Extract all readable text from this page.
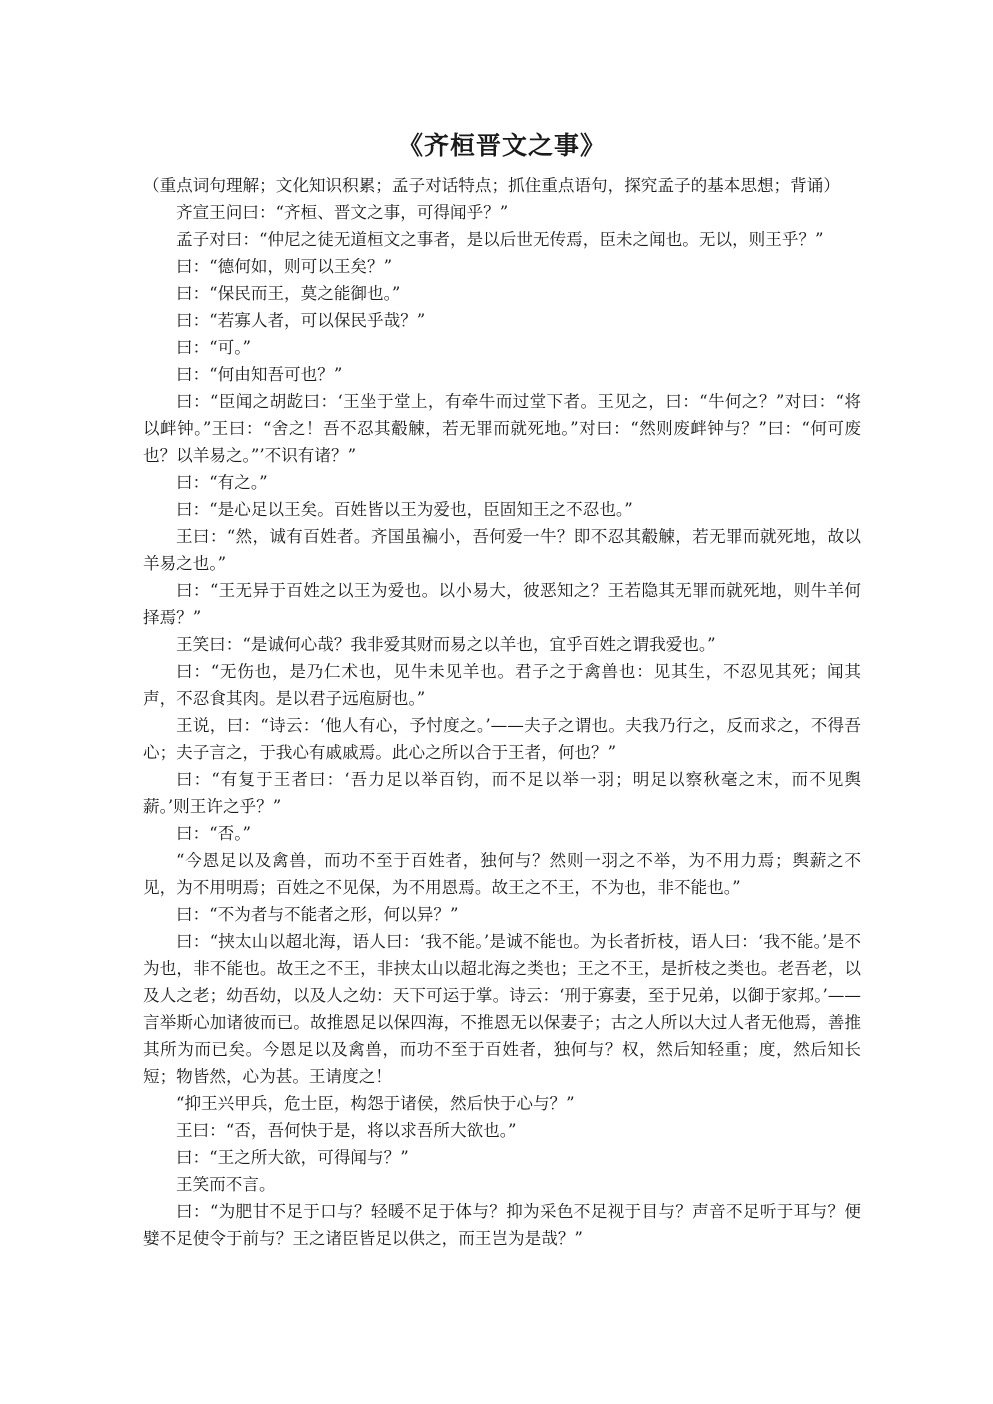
《齐桓晋文之事》

（重点词句理解；文化知识积累；孟子对话特点；抓住重点语句，探究孟子的基本思想；背诵）

齐宣王问曰：“齐桓、晋文之事，可得闻乎？”

孟子对曰：“仲尼之徒无道桓文之事者，是以后世无传焉，臣未之闻也。无以，则王乎？”

曰：“德何如，则可以王矣？”

曰：“保民而王，莫之能御也。”

曰：“若寡人者，可以保民乎哉？”

曰：“可。”

曰：“何由知吾可也？”

曰：“臣闻之胡龁曰：‘王坐于堂上，有牵牛而过堂下者。王见之，曰：“牛何之？”对曰：“将以衅钟。”王曰：“舍之！吾不忍其觳觫，若无罪而就死地。”对曰：“然则废衅钟与？”曰：“何可废也？以羊易之。”’不识有诸？”

曰：“有之。”

曰：“是心足以王矣。百姓皆以王为爱也，臣固知王之不忍也。”

王曰：“然，诚有百姓者。齐国虽褊小，吾何爱一牛？即不忍其觳觫，若无罪而就死地，故以羊易之也。”

曰：“王无异于百姓之以王为爱也。以小易大，彼恶知之？王若隐其无罪而就死地，则牛羊何择焉？”

王笑曰：“是诚何心哉？我非爱其财而易之以羊也，宜乎百姓之谓我爱也。”

曰：“无伤也，是乃仁术也，见牛未见羊也。君子之于禽兽也：见其生，不忍见其死；闻其声，不忍食其肉。是以君子远庖厨也。”

王说，曰：“诗云：‘他人有心，予忖度之。’——夫子之谓也。夫我乃行之，反而求之，不得吾心；夫子言之，于我心有戚戚焉。此心之所以合于王者，何也？”

曰：“有复于王者曰：‘吾力足以举百钧，而不足以举一羽；明足以察秋毫之末，而不见舆薪。’则王许之乎？”

曰：“否。”

“今恩足以及禽兽，而功不至于百姓者，独何与？然则一羽之不举，为不用力焉；舆薪之不见，为不用明焉；百姓之不见保，为不用恩焉。故王之不王，不为也，非不能也。”

曰：“不为者与不能者之形，何以异？”

曰：“挟太山以超北海，语人曰：‘我不能。’是诚不能也。为长者折枝，语人曰：‘我不能。’是不为也，非不能也。故王之不王，非挟太山以超北海之类也；王之不王，是折枝之类也。老吾老，以及人之老；幼吾幼，以及人之幼：天下可运于掌。诗云：‘刑于寡妻，至于兄弟，以御于家邦。’——言举斯心加诸彼而已。故推恩足以保四海，不推恩无以保妻子；古之人所以大过人者无他焉，善推其所为而已矣。今恩足以及禽兽，而功不至于百姓者，独何与？权，然后知轻重；度，然后知长短；物皆然，心为甚。王请度之！

“抑王兴甲兵，危士臣，构怨于诸侯，然后快于心与？”

王曰：“否，吾何快于是，将以求吾所大欲也。”

曰：“王之所大欲，可得闻与？”

王笑而不言。

曰：“为肥甘不足于口与？轻暖不足于体与？抑为采色不足视于目与？声音不足听于耳与？便嬖不足使令于前与？王之诸臣皆足以供之，而王岂为是哉？”
